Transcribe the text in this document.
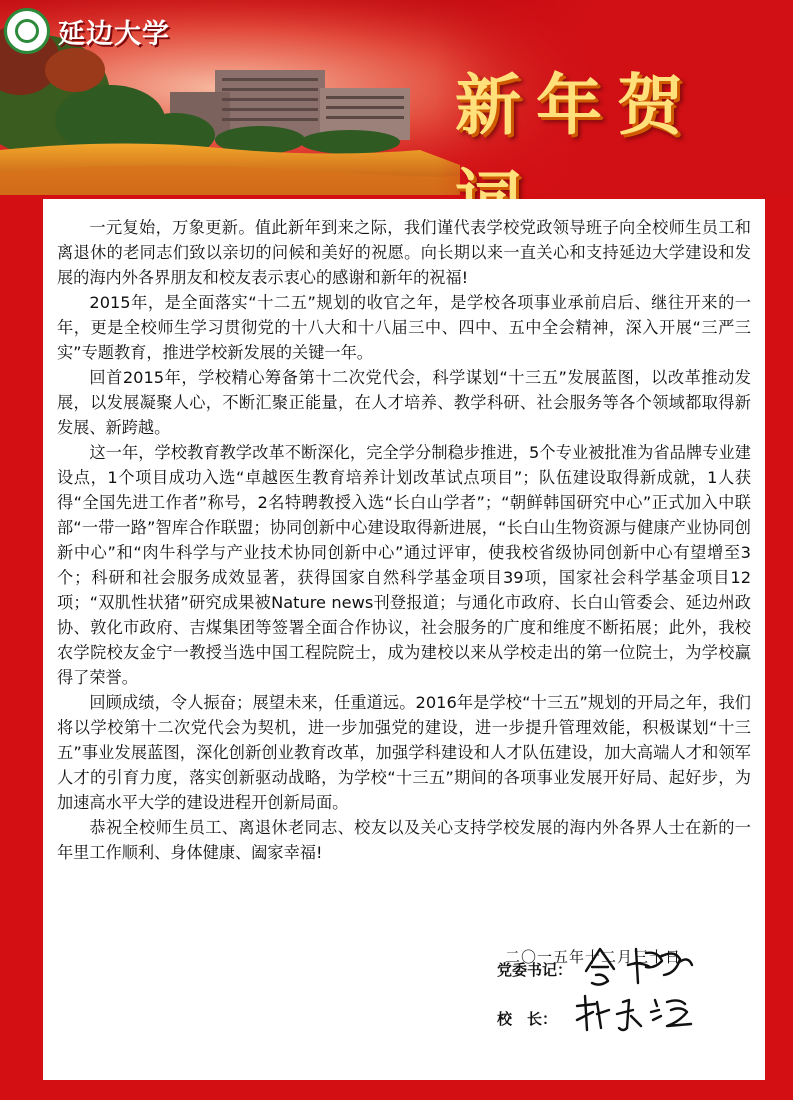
延边大学
新年贺

一元复始，万象更新。值此新年到来之际，我们谨代表学校党政领导班子向全校师生员工和离退休的老同志们致以亲切的问候和美好的祝愿。向长期以来一直关心和支持延边大学建设和发展的海内外各界朋友和校友表示衷心的感谢和新年的祝福!

2015年，是全面落实“十二五”规划的收官之年，是学校各项事业承前启后、继往开来的一年，更是全校师生学习贯彻党的十八大和十八届三中、四中、五中全会精神，深入开展“三严三实”专题教育，推进学校新发展的关键一年。

回首2015年，学校精心筹备第十二次党代会，科学谋划“十三五”发展蓝图，以改革推动发展，以发展凝聚人心，不断汇聚正能量，在人才培养、教学科研、社会服务等各个领域都取得新发展、新跨越。

这一年，学校教育教学改革不断深化，完全学分制稳步推进，5个专业被批准为省品牌专业建设点，1个项目成功入选“卓越医生教育培养计划改革试点项目”；队伍建设取得新成就，1人获得“全国先进工作者”称号，2名特聘教授入选“长白山学者”；“朝鲜韩国研究中心”正式加入中联部“一带一路”智库合作联盟；协同创新中心建设取得新进展，“长白山生物资源与健康产业协同创新中心”和“肉牛科学与产业技术协同创新中心”通过评审，使我校省级协同创新中心有望增至3个；科研和社会服务成效显著，获得国家自然科学基金项目39项，国家社会科学基金项目12项；“双肌性状猪”研究成果被Nature news刊登报道；与通化市政府、长白山管委会、延边州政协、敦化市政府、吉煤集团等签署全面合作协议，社会服务的广度和维度不断拓展；此外，我校农学院校友金宁一教授当选中国工程院院士，成为建校以来从学校走出的第一位院士，为学校赢得了荣誉。

回顾成绩，令人振奋；展望未来，任重道远。2016年是学校“十三五”规划的开局之年，我们将以学校第十二次党代会为契机，进一步加强党的建设，进一步提升管理效能，积极谋划“十三五”事业发展蓝图，深化创新创业教育改革，加强学科建设和人才队伍建设，加大高端人才和领军人才的引育力度，落实创新驱动战略，为学校“十三五”期间的各项事业发展开好局、起好步，为加速高水平大学的建设进程开创新局面。

恭祝全校师生员工、离退休老同志、校友以及关心支持学校发展的海内外各界人士在新的一年里工作顺利、身体健康、阖家幸福!

党委书记：
校　长：
二〇一五年十二月三十日
